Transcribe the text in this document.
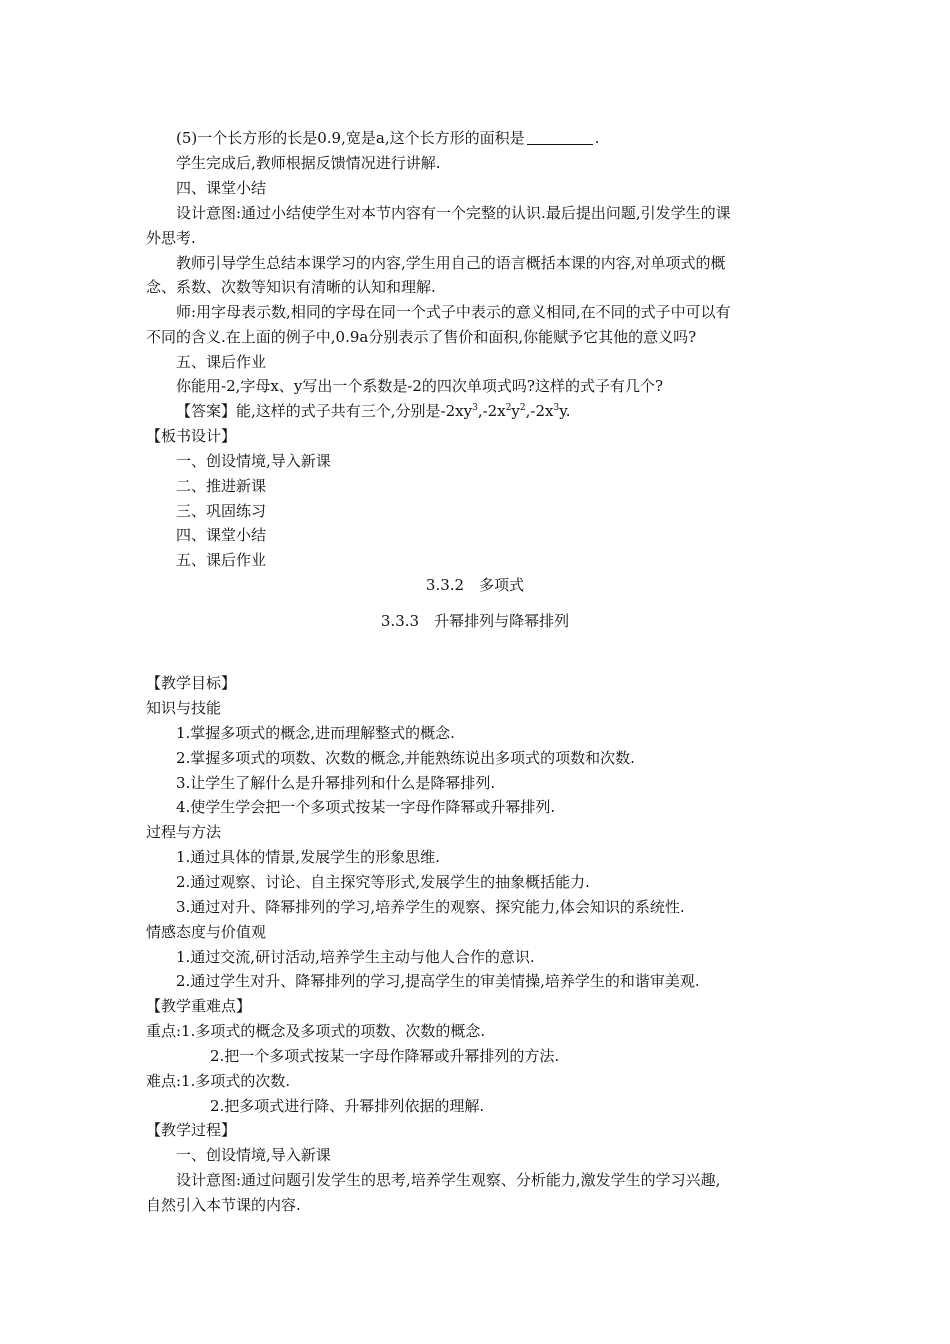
(5)一个长方形的长是0.9,宽是a,这个长方形的面积是	.
学生完成后,教师根据反馈情况进行讲解.
四、课堂小结
设计意图:通过小结使学生对本节内容有一个完整的认识.最后提出问题,引发学生的课
外思考.
教师引导学生总结本课学习的内容,学生用自己的语言概括本课的内容,对单项式的概
念、系数、次数等知识有清晰的认知和理解.
师:用字母表示数,相同的字母在同一个式子中表示的意义相同,在不同的式子中可以有
不同的含义.在上面的例子中,0.9a分别表示了售价和面积,你能赋予它其他的意义吗?
五、课后作业
你能用-2,字母x、y写出一个系数是-2的四次单项式吗?这样的式子有几个?
【答案】能,这样的式子共有三个,分别是$-2xy^3,-2x^2y^2,-2x^3y$.
【板书设计】
一、创设情境,导入新课
二、推进新课
三、巩固练习
四、课堂小结
五、课后作业
3.3.2　多项式
3.3.3　升幂排列与降幂排列
【教学目标】
知识与技能
1.掌握多项式的概念,进而理解整式的概念.
2.掌握多项式的项数、次数的概念,并能熟练说出多项式的项数和次数.
3.让学生了解什么是升幂排列和什么是降幂排列.
4.使学生学会把一个多项式按某一字母作降幂或升幂排列.
过程与方法
1.通过具体的情景,发展学生的形象思维.
2.通过观察、讨论、自主探究等形式,发展学生的抽象概括能力.
3.通过对升、降幂排列的学习,培养学生的观察、探究能力,体会知识的系统性.
情感态度与价值观
1.通过交流,研讨活动,培养学生主动与他人合作的意识.
2.通过学生对升、降幂排列的学习,提高学生的审美情操,培养学生的和谐审美观.
【教学重难点】
重点:1.多项式的概念及多项式的项数、次数的概念.
2.把一个多项式按某一字母作降幂或升幂排列的方法.
难点:1.多项式的次数.
2.把多项式进行降、升幂排列依据的理解.
【教学过程】
一、创设情境,导入新课
设计意图:通过问题引发学生的思考,培养学生观察、分析能力,激发学生的学习兴趣,
自然引入本节课的内容.
